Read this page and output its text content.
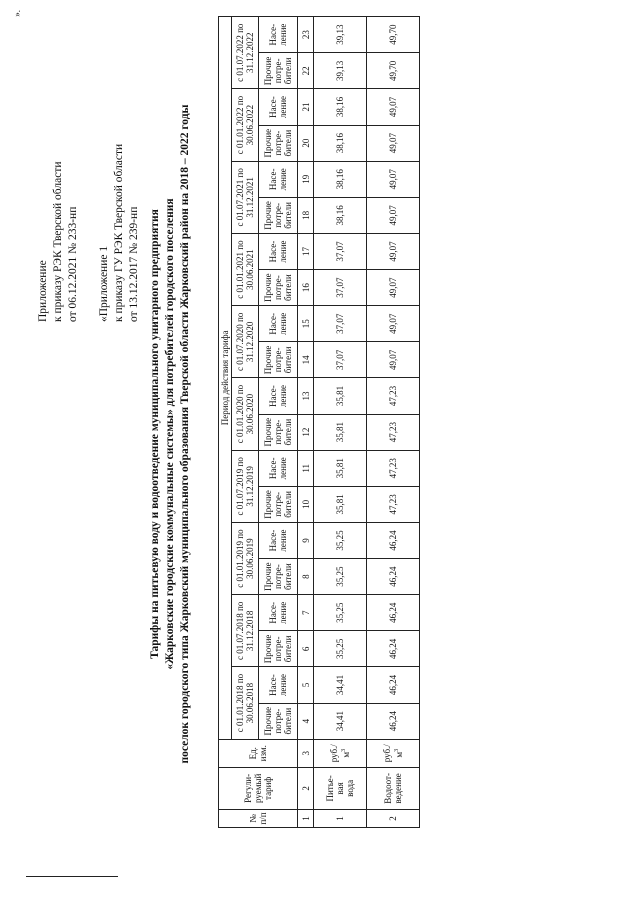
».
Приложение к приказу РЭК Тверской области от 06.12.2021 № 233-нп «Приложение 1 к приказу ГУ РЭК Тверской области от 13.12.2017 № 239-нп Тарифы на питьевую воду и водоотведение муниципального унитарного предприятия «Жарковские городские коммунальные системы» для потребителей городского поселения поселок городского типа Жарковский муниципального образования Тверской области Жарковский район на 2018 – 2022 годы
№ п/п	Регули-
руемый
тариф	Ед.
изм.	Период действия тарифа																			
			с 01.01.2018 по 30.06.2018		с 01.07.2018 по 31.12.2018		с 01.01.2019 по 30.06.2019		с 01.07.2019 по 31.12.2019		с 01.01.2020 по 30.06.2020		с 01.07.2020 по 31.12.2020		с 01.01.2021 по 30.06.2021		с 01.07.2021 по 31.12.2021		с 01.01.2022 по 30.06.2022		с 01.07.2022 по 31.12.2022	
			Прочие
потре-
бители	Насе-
ление	Прочие
потре-
бители	Насе-
ление	Прочие
потре-
бители	Насе-
ление	Прочие
потре-
бители	Насе-
ление	Прочие
потре-
бители	Насе-
ление	Прочие
потре-
бители	Насе-
ление	Прочие
потре-
бители	Насе-
ление	Прочие
потре-
бители	Насе-
ление	Прочие
потре-
бители	Насе-
ление	Прочие
потре-
бители	Насе-
ление
1	2	3	4	5	6	7	8	9	10	11	12	13	14	15	16	17	18	19	20	21	22	23
1	Питье-
вая
вода	$руб./м^3$	34,41	34,41	35,25	35,25	35,25	35,25	35,81	35,81	35,81	35,81	37,07	37,07	37,07	37,07	38,16	38,16	38,16	38,16	39,13	39,13
2	Водоот-
ведение	$руб./м^3$	46,24	46,24	46,24	46,24	46,24	46,24	47,23	47,23	47,23	47,23	49,07	49,07	49,07	49,07	49,07	49,07	49,07	49,07	49,70	49,70
